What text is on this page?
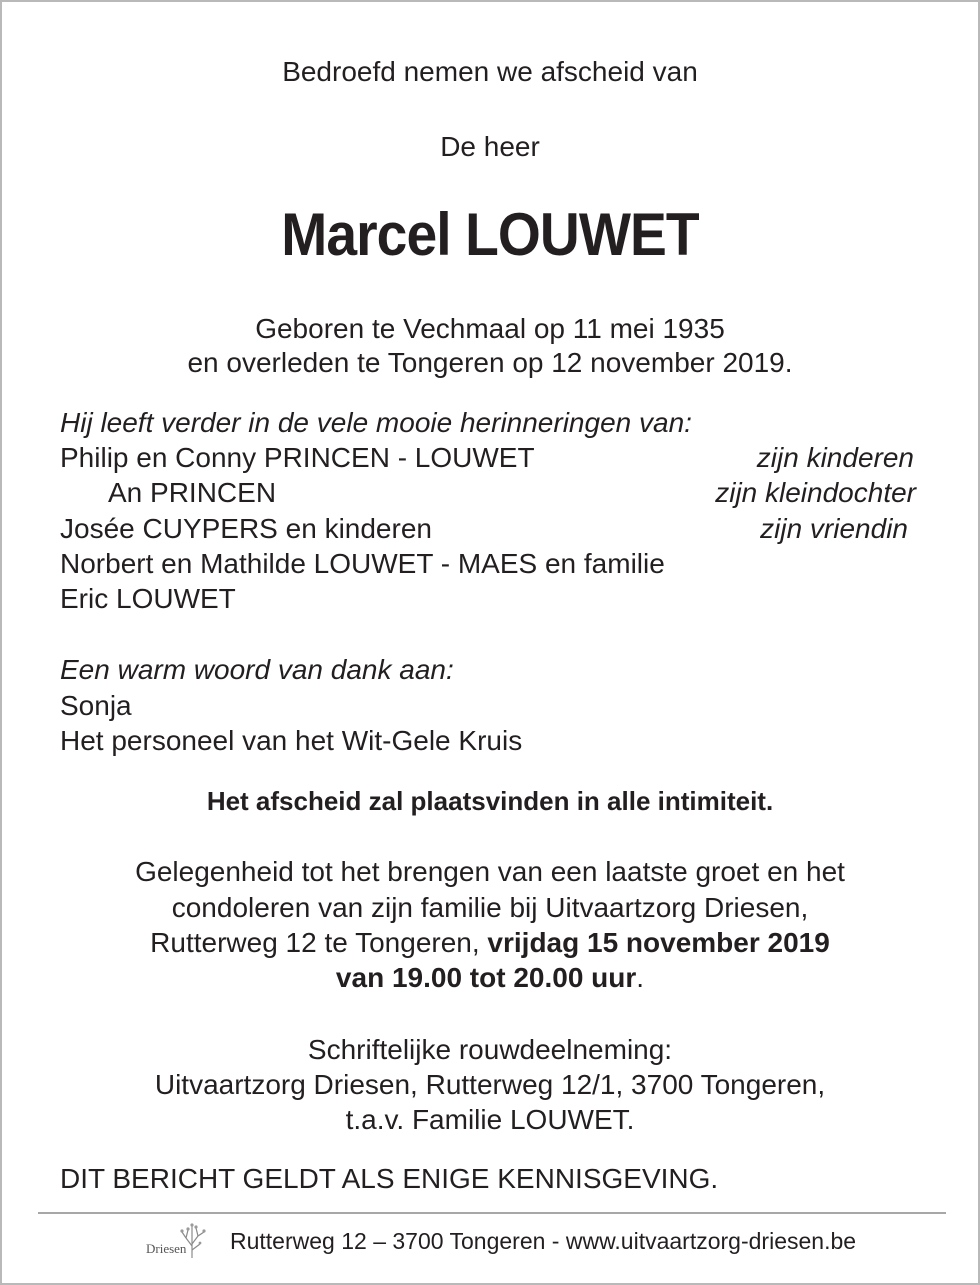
Bedroefd nemen we afscheid van
De heer
Marcel LOUWET
Geboren te Vechmaal op 11 mei 1935
en overleden te Tongeren op 12 november 2019.
Hij leeft verder in de vele mooie herinneringen van:
Philip en Conny PRINCEN - LOUWET	zijn kinderen
An PRINCEN	zijn kleindochter
Josée CUYPERS en kinderen	zijn vriendin
Norbert en Mathilde LOUWET - MAES en familie
Eric LOUWET
Een warm woord van dank aan:
Sonja
Het personeel van het Wit-Gele Kruis
Het afscheid zal plaatsvinden in alle intimiteit.
Gelegenheid tot het brengen van een laatste groet en het
condoleren van zijn familie bij Uitvaartzorg Driesen,
Rutterweg 12 te Tongeren, vrijdag 15 november 2019
van 19.00 tot 20.00 uur.
Schriftelijke rouwdeelneming:
Uitvaartzorg Driesen, Rutterweg 12/1, 3700 Tongeren,
t.a.v. Familie LOUWET.
DIT BERICHT GELDT ALS ENIGE KENNISGEVING.
Driesen Rutterweg 12 – 3700 Tongeren - www.uitvaartzorg-driesen.be
